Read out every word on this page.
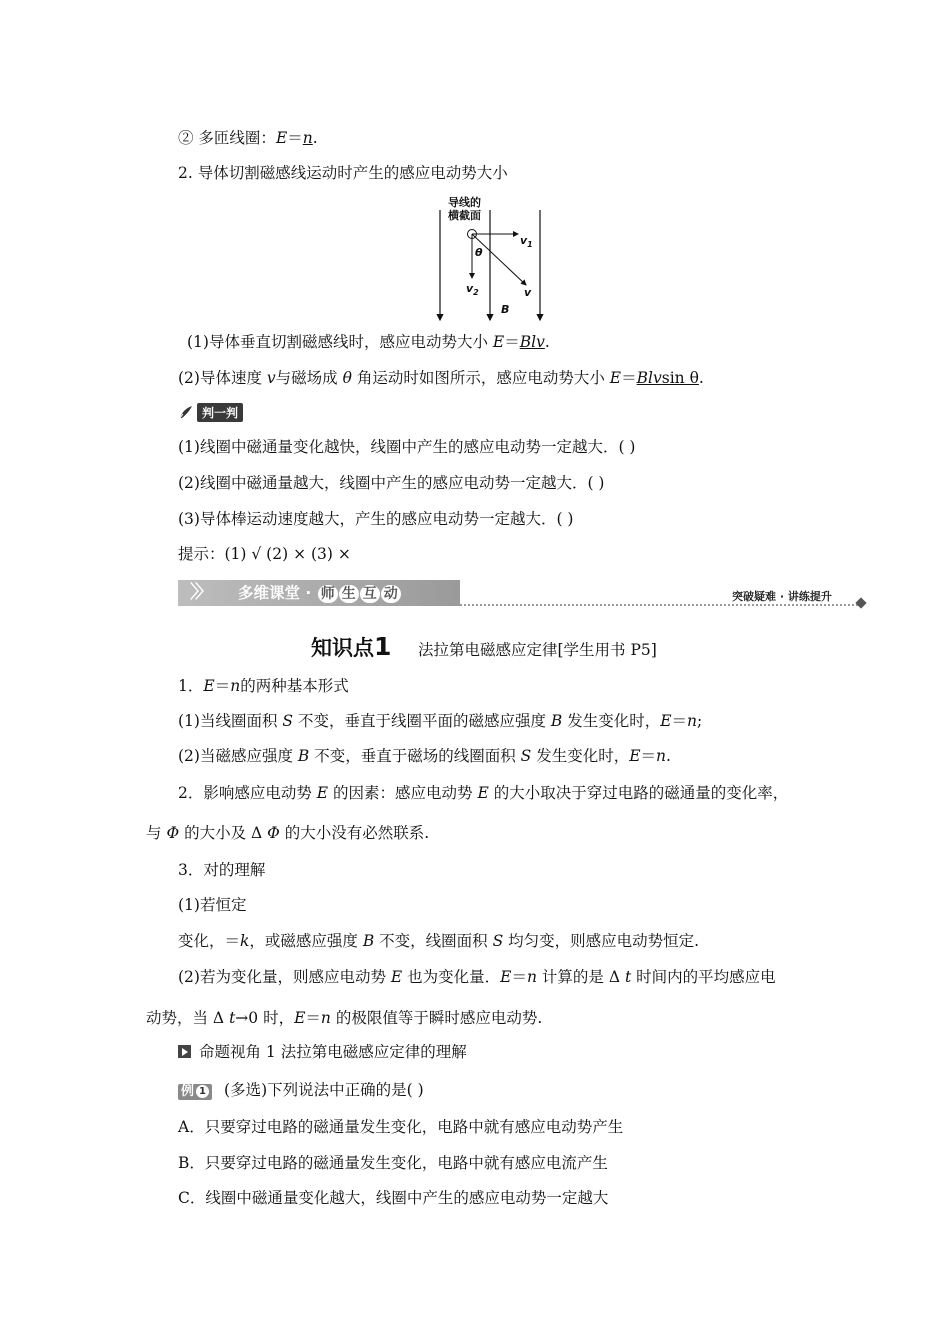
② 多匝线圈：E＝n.
2. 导体切割磁感线运动时产生的感应电动势大小
导线的
横截面
$v_1$
θ
$v_2$
B
v
(1)导体垂直切割磁感线时，感应电动势大小 E＝Blv.
(2)导体速度 v与磁场成 θ 角运动时如图所示，感应电动势大小 E＝Blvsin θ.
判一判
(1)线圈中磁通量变化越快，线圈中产生的感应电动势一定越大．( )
(2)线圈中磁通量越大，线圈中产生的感应电动势一定越大．( )
(3)导体棒运动速度越大，产生的感应电动势一定越大．( )
提示：(1) √ (2) × (3) ×
〉〉 多维课堂 · 师 生 互 动	突破疑难 · 讲练提升
知识点1 法拉第电磁感应定律[学生用书 P5]
1．E＝n的两种基本形式
(1)当线圈面积 S 不变，垂直于线圈平面的磁感应强度 B 发生变化时，E＝n;
(2)当磁感应强度 B 不变，垂直于磁场的线圈面积 S 发生变化时，E＝n.
2．影响感应电动势 E 的因素：感应电动势 E 的大小取决于穿过电路的磁通量的变化率，
与 Φ 的大小及 Δ Φ 的大小没有必然联系.
3．对的理解
(1)若恒定
变化，＝k，或磁感应强度 B 不变，线圈面积 S 均匀变，则感应电动势恒定.
(2)若为变化量，则感应电动势 E 也为变化量．E＝n 计算的是 Δ t 时间内的平均感应电
动势，当 Δ t→0 时，E＝n 的极限值等于瞬时感应电动势.
命题视角 1 法拉第电磁感应定律的理解
例 1 (多选)下列说法中正确的是( )
A．只要穿过电路的磁通量发生变化，电路中就有感应电动势产生
B．只要穿过电路的磁通量发生变化，电路中就有感应电流产生
C．线圈中磁通量变化越大，线圈中产生的感应电动势一定越大
